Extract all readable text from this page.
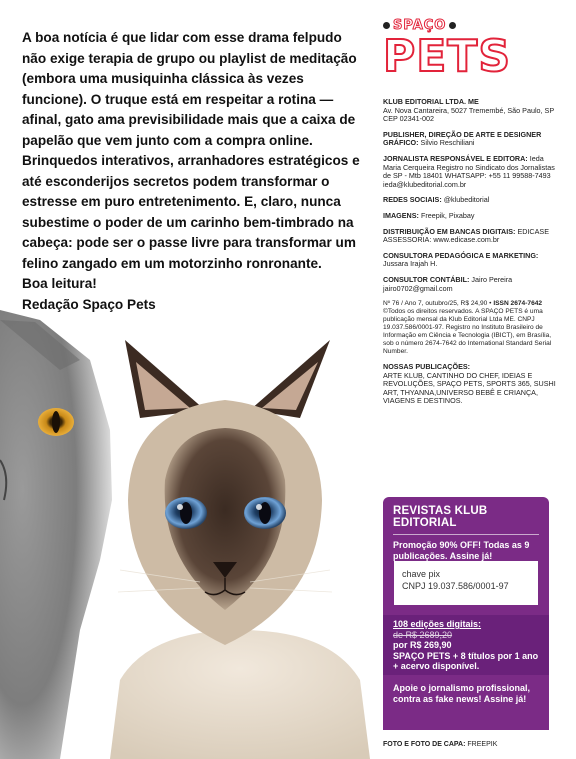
A boa notícia é que lidar com esse drama felpudo não exige terapia de grupo ou playlist de meditação (embora uma musiquinha clássica às vezes funcione). O truque está em respeitar a rotina — afinal, gato ama previsibilidade mais que a caixa de papelão que vem junto com a compra online. Brinquedos interativos, arranhadores estratégicos e até esconderijos secretos podem transformar o estresse em puro entretenimento. E, claro, nunca subestime o poder de um carinho bem-timbrado na cabeça: pode ser o passe livre para transformar um felino zangado em um motorzinho ronronante.

Boa leitura!

Redação Spaço Pets

SPAÇO
PETS
KLUB EDITORIAL LTDA. ME
Av. Nova Cantareira, 5027 Tremembé, São Paulo, SP CEP 02341-002
PUBLISHER, DIREÇÃO DE ARTE E DESIGNER GRÁFICO: Silvio Reschiliani
JORNALISTA RESPONSÁVEL E EDITORA: Ieda Maria Cerqueira Registro no Sindicato dos Jornalistas de SP - Mtb 18401 WHATSAPP: +55 11 99588-7493 ieda@klubeditorial.com.br
REDES SOCIAIS: @klubeditorial
IMAGENS: Freepik, Pixabay
DISTRIBUIÇÃO EM BANCAS DIGITAIS: EDICASE ASSESSORIA: www.edicase.com.br
CONSULTORA PEDAGÓGICA E MARKETING: Jussara Irajah H.
CONSULTOR CONTÁBIL: Jairo Pereira jairo0702@gmail.com
Nº 76 / Ano 7, outubro/25, R$ 24,90 • ISSN 2674-7642 ©Todos os direitos reservados. A SPAÇO PETS é uma publicação mensal da Klub Editorial Ltda ME. CNPJ 19.037.586/0001-97. Registro no Instituto Brasileiro de Informação em Ciência e Tecnologia (IBICT), em Brasília, sob o número 2674-7642 do International Standard Serial Number.
NOSSAS PUBLICAÇÕES:
ARTE KLUB, CANTINHO DO CHEF, IDEIAS E REVOLUÇÕES, SPAÇO PETS, SPORTS 365, SUSHI ART, THYANNA,UNIVERSO BEBÊ E CRIANÇA, VIAGENS E DESTINOS.
REVISTAS KLUB EDITORIAL
Promoção 90% OFF! Todas as 9 publicações. Assine já!
chave pix
CNPJ 19.037.586/0001-97
108 edições digitais:
de R$ 2689,20
por R$ 269,90
SPAÇO PETS + 8 títulos por 1 ano + acervo disponível.
Apoie o jornalismo profissional, contra as fake news! Assine já!
FOTO E FOTO DE CAPA: FREEPIK
